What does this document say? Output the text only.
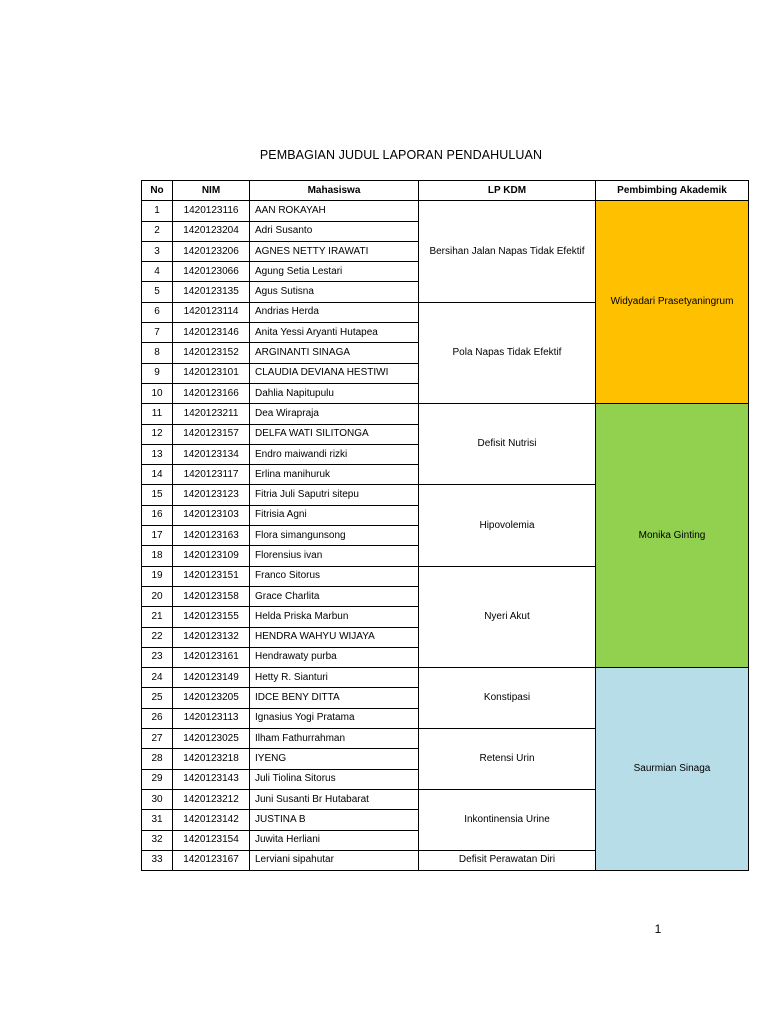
PEMBAGIAN JUDUL LAPORAN PENDAHULUAN
No	NIM	Mahasiswa	LP KDM	Pembimbing Akademik
1	1420123116	AAN ROKAYAH	Bersihan Jalan Napas Tidak Efektif	Widyadari Prasetyaningrum
2	1420123204	Adri Susanto		
3	1420123206	AGNES NETTY IRAWATI		
4	1420123066	Agung Setia Lestari		
5	1420123135	Agus Sutisna		
6	1420123114	Andrias Herda	Pola Napas Tidak Efektif	
7	1420123146	Anita Yessi Aryanti Hutapea		
8	1420123152	ARGINANTI SINAGA		
9	1420123101	CLAUDIA DEVIANA HESTIWI		
10	1420123166	Dahlia Napitupulu		
11	1420123211	Dea Wirapraja	Defisit Nutrisi	Monika Ginting
12	1420123157	DELFA WATI SILITONGA		
13	1420123134	Endro maiwandi rizki		
14	1420123117	Erlina manihuruk		
15	1420123123	Fitria Juli Saputri sitepu	Hipovolemia	
16	1420123103	Fitrisia Agni		
17	1420123163	Flora simangunsong		
18	1420123109	Florensius ivan		
19	1420123151	Franco Sitorus	Nyeri Akut	
20	1420123158	Grace Charlita		
21	1420123155	Helda Priska Marbun		
22	1420123132	HENDRA WAHYU WIJAYA		
23	1420123161	Hendrawaty purba		
24	1420123149	Hetty R. Sianturi	Konstipasi	Saurmian Sinaga
25	1420123205	IDCE BENY DITTA		
26	1420123113	Ignasius Yogi Pratama		
27	1420123025	Ilham Fathurrahman	Retensi Urin	
28	1420123218	IYENG		
29	1420123143	Juli Tiolina Sitorus		
30	1420123212	Juni Susanti Br Hutabarat	Inkontinensia Urine	
31	1420123142	JUSTINA B		
32	1420123154	Juwita Herliani		
33	1420123167	Lerviani sipahutar	Defisit Perawatan Diri	
1
